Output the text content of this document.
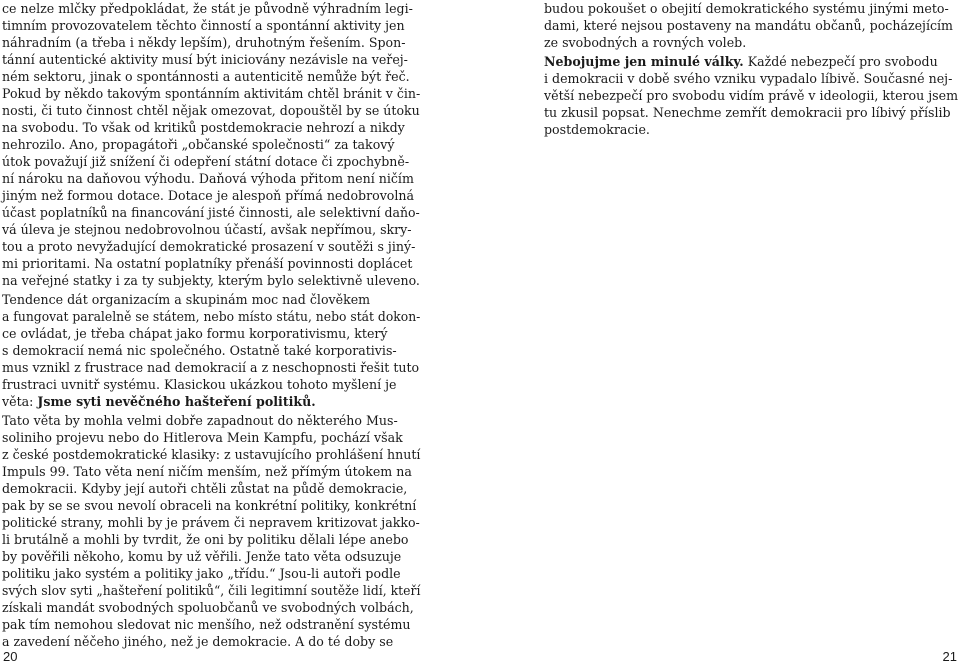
ce nelze mlčky předpokládat, že stát je původně výhradním legi-
timním provozovatelem těchto činností a spontánní aktivity jen
náhradním (a třeba i někdy lepším), druhotným řešením. Spon-
tánní autentické aktivity musí být iniciovány nezávisle na veřej-
ném sektoru, jinak o spontánnosti a autenticitě nemůže být řeč.
Pokud by někdo takovým spontánním aktivitám chtěl bránit v čin-
nosti, či tuto činnost chtěl nějak omezovat, dopouštěl by se útoku
na svobodu. To však od kritiků postdemokracie nehrozí a nikdy
nehrozilo. Ano, propagátoři „občanské společnosti“ za takový
útok považují již snížení či odepření státní dotace či zpochybně-
ní nároku na daňovou výhodu. Daňová výhoda přitom není ničím
jiným než formou dotace. Dotace je alespoň přímá nedobrovolná
účast poplatníků na financování jisté činnosti, ale selektivní daňo-
vá úleva je stejnou nedobrovolnou účastí, avšak nepřímou, skry-
tou a proto nevyžadující demokratické prosazení v soutěži s jiný-
mi prioritami. Na ostatní poplatníky přenáší povinnosti doplácet
na veřejné statky i za ty subjekty, kterým bylo selektivně uleveno.
Tendence dát organizacím a skupinám moc nad člověkem
a fungovat paralelně se státem, nebo místo státu, nebo stát dokon-
ce ovládat, je třeba chápat jako formu korporativismu, který
s demokracií nemá nic společného. Ostatně také korporativis-
mus vznikl z frustrace nad demokracií a z neschopnosti řešit tuto
frustraci uvnitř systému. Klasickou ukázkou tohoto myšlení je
věta: Jsme syti nevěčného hašteření politiků.
Tato věta by mohla velmi dobře zapadnout do některého Mus-
soliniho projevu nebo do Hitlerova Mein Kampfu, pochází však
z české postdemokratické klasiky: z ustavujícího prohlášení hnutí
Impuls 99. Tato věta není ničím menším, než přímým útokem na
demokracii. Kdyby její autoři chtěli zůstat na půdě demokracie,
pak by se se svou nevolí obraceli na konkrétní politiky, konkrétní
politické strany, mohli by je právem či nepravem kritizovat jakko-
li brutálně a mohli by tvrdit, že oni by politiku dělali lépe anebo
by pověřili někoho, komu by už věřili. Jenže tato věta odsuzuje
politiku jako systém a politiky jako „třídu.“ Jsou-li autoři podle
svých slov syti „hašteření politiků“, čili legitimní soutěže lidí, kteří
získali mandát svobodných spoluobčanů ve svobodných volbách,
pak tím nemohou sledovat nic menšího, než odstranění systému
a zavedení něčeho jiného, než je demokracie. A do té doby se
budou pokoušet o obejití demokratického systému jinými meto-
dami, které nejsou postaveny na mandátu občanů, pocházejícím
ze svobodných a rovných voleb.
Nebojujme jen minulé války. Každé nebezpečí pro svobodu
i demokracii v době svého vzniku vypadalo líbivě. Současné nej-
větší nebezpečí pro svobodu vidím právě v ideologii, kterou jsem
tu zkusil popsat. Nenechme zemřít demokracii pro líbivý příslib
postdemokracie.
20	21
